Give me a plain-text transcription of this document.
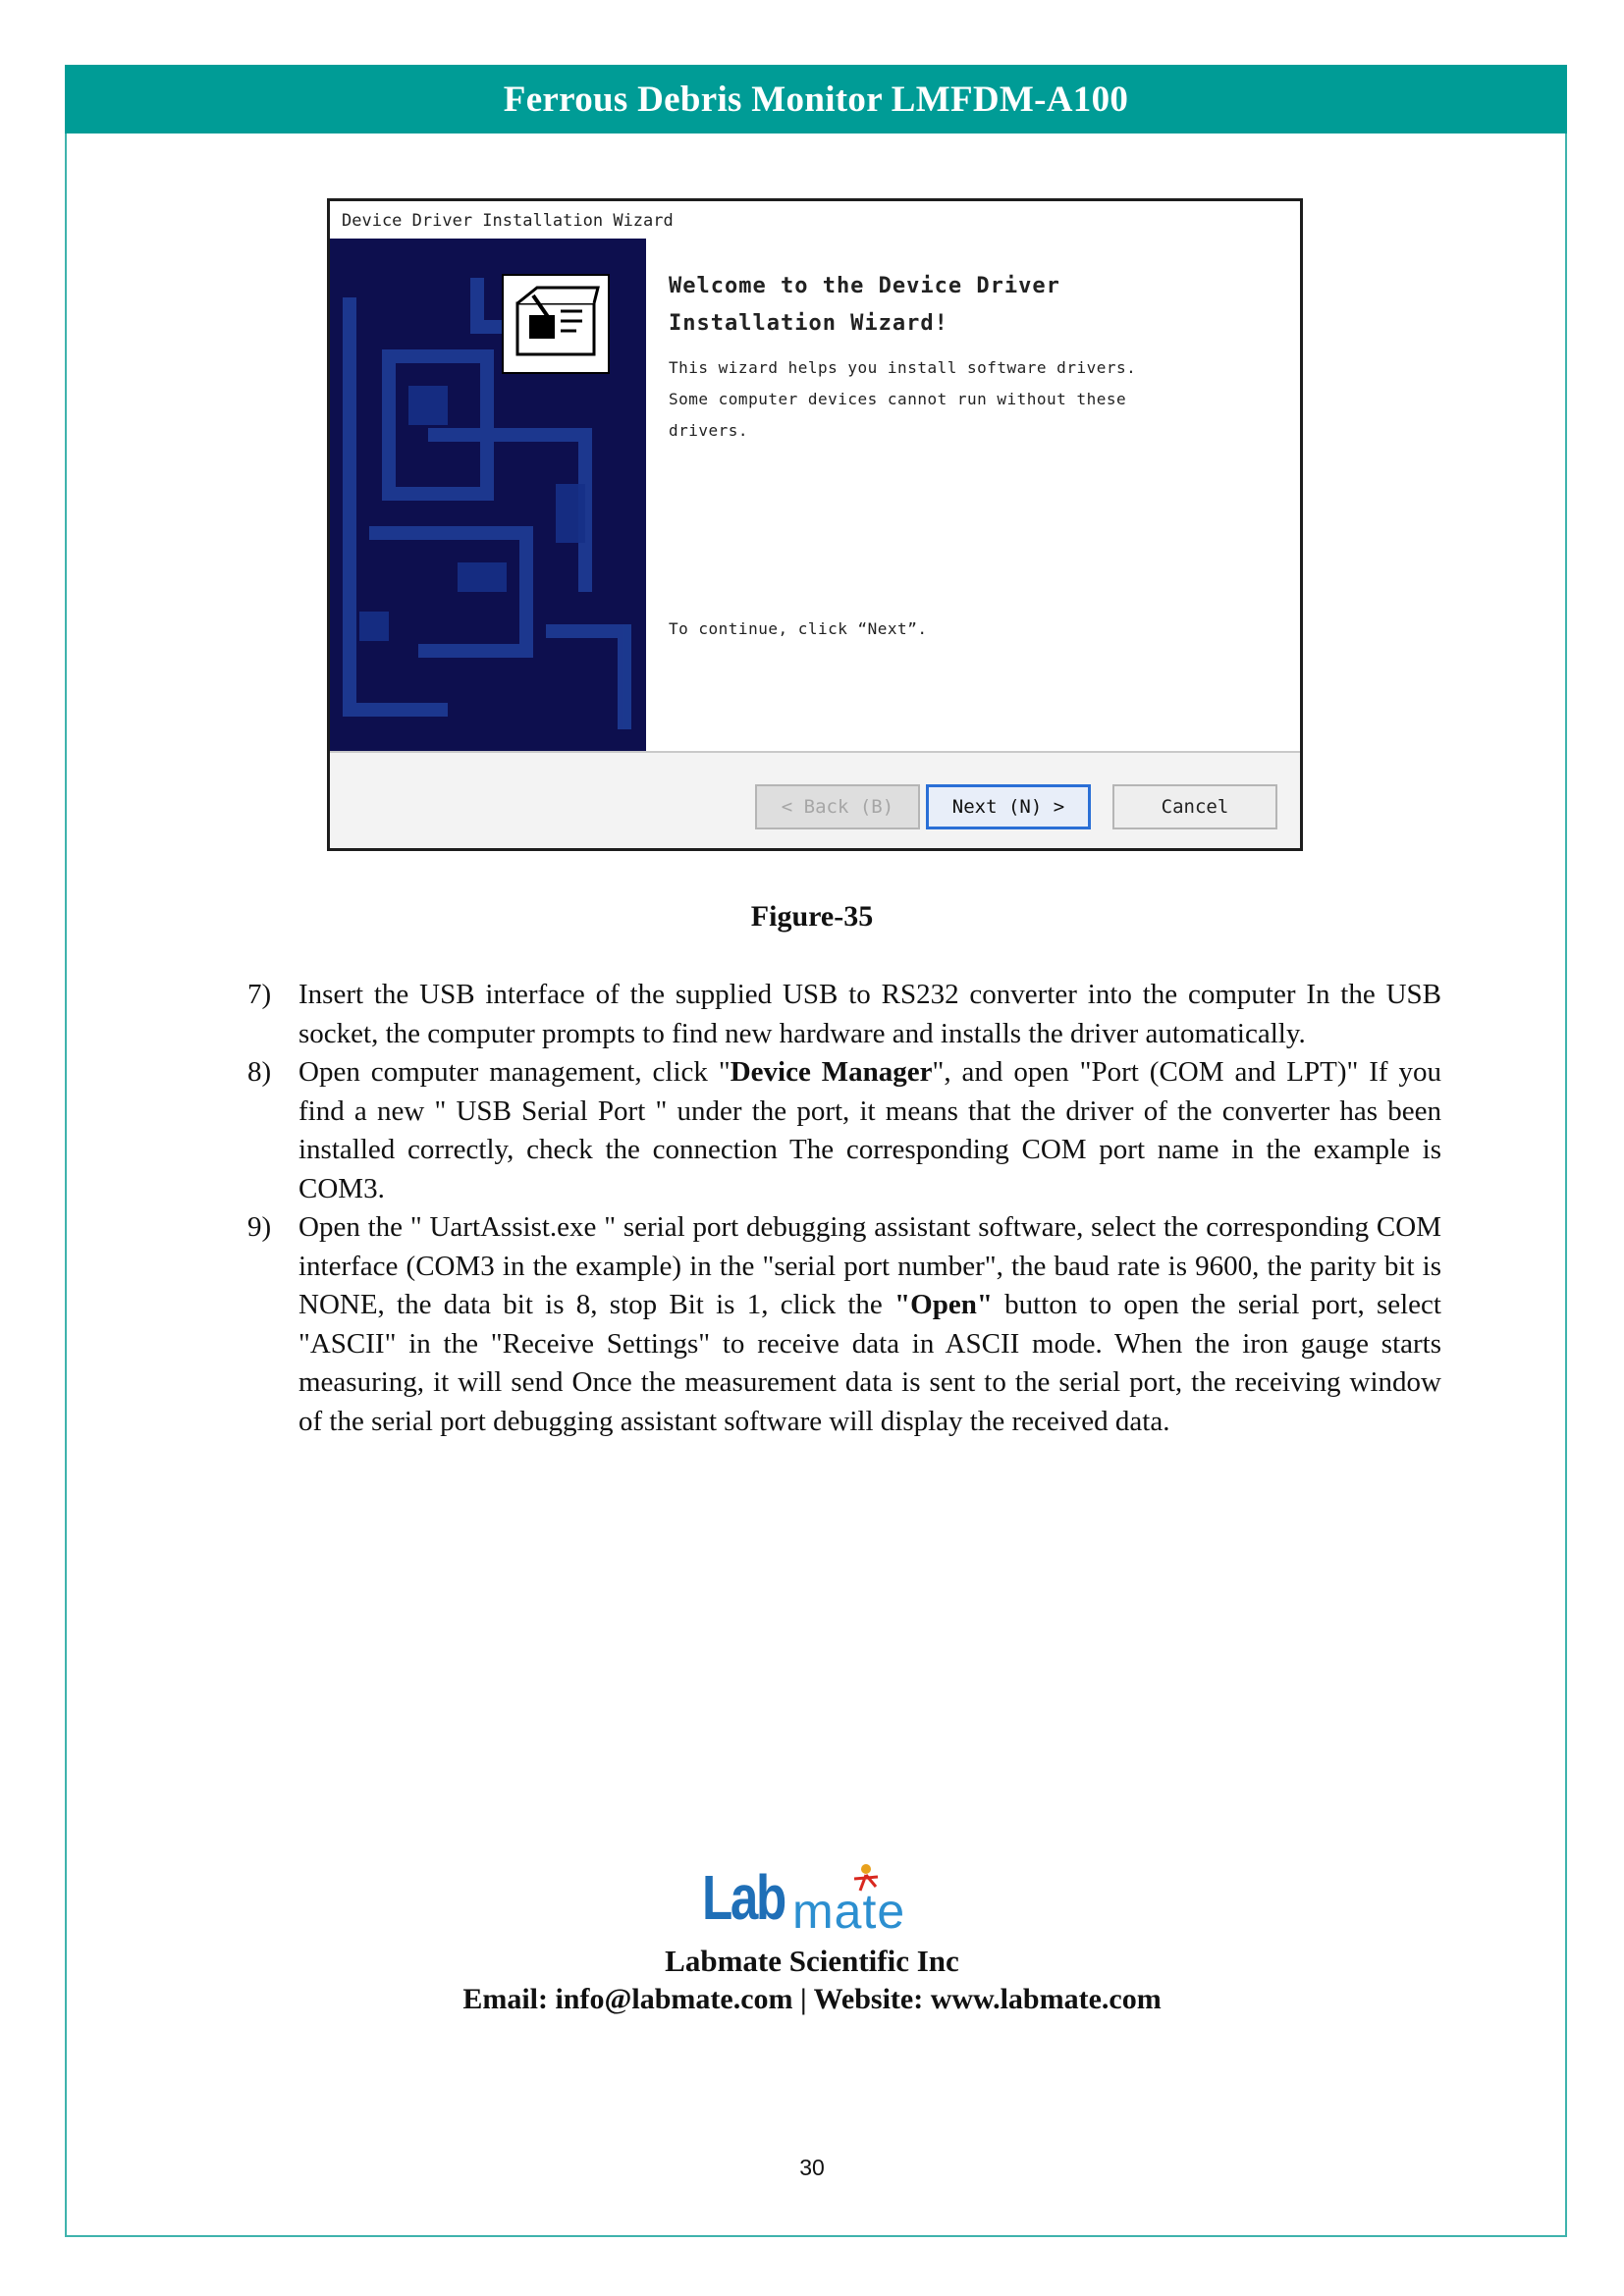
Ferrous Debris Monitor LMFDM-A100
Device Driver Installation Wizard
Welcome to the Device Driver
Installation Wizard!
This wizard helps you install software drivers.
Some computer devices cannot run without these
drivers.
To continue, click “Next”.
< Back (B)	Next (N) >	Cancel
Figure-35
7) Insert the USB interface of the supplied USB to RS232 converter into the computer In the USB socket, the computer prompts to find new hardware and installs the driver automatically.
8) Open computer management, click "Device Manager", and open "Port (COM and LPT)" If you find a new " USB Serial Port " under the port, it means that the driver of the converter has been installed correctly, check the connection The corresponding COM port name in the example is COM3.
9) Open the " UartAssist.exe " serial port debugging assistant software, select the corresponding COM interface (COM3 in the example) in the "serial port number", the baud rate is 9600, the parity bit is NONE, the data bit is 8, stop Bit is 1, click the "Open" button to open the serial port, select "ASCII" in the "Receive Settings" to receive data in ASCII mode. When the iron gauge starts measuring, it will send Once the measurement data is sent to the serial port, the receiving window of the serial port debugging assistant software will display the received data.
Lab mate
Labmate Scientific Inc
Email: info@labmate.com | Website: www.labmate.com
30
